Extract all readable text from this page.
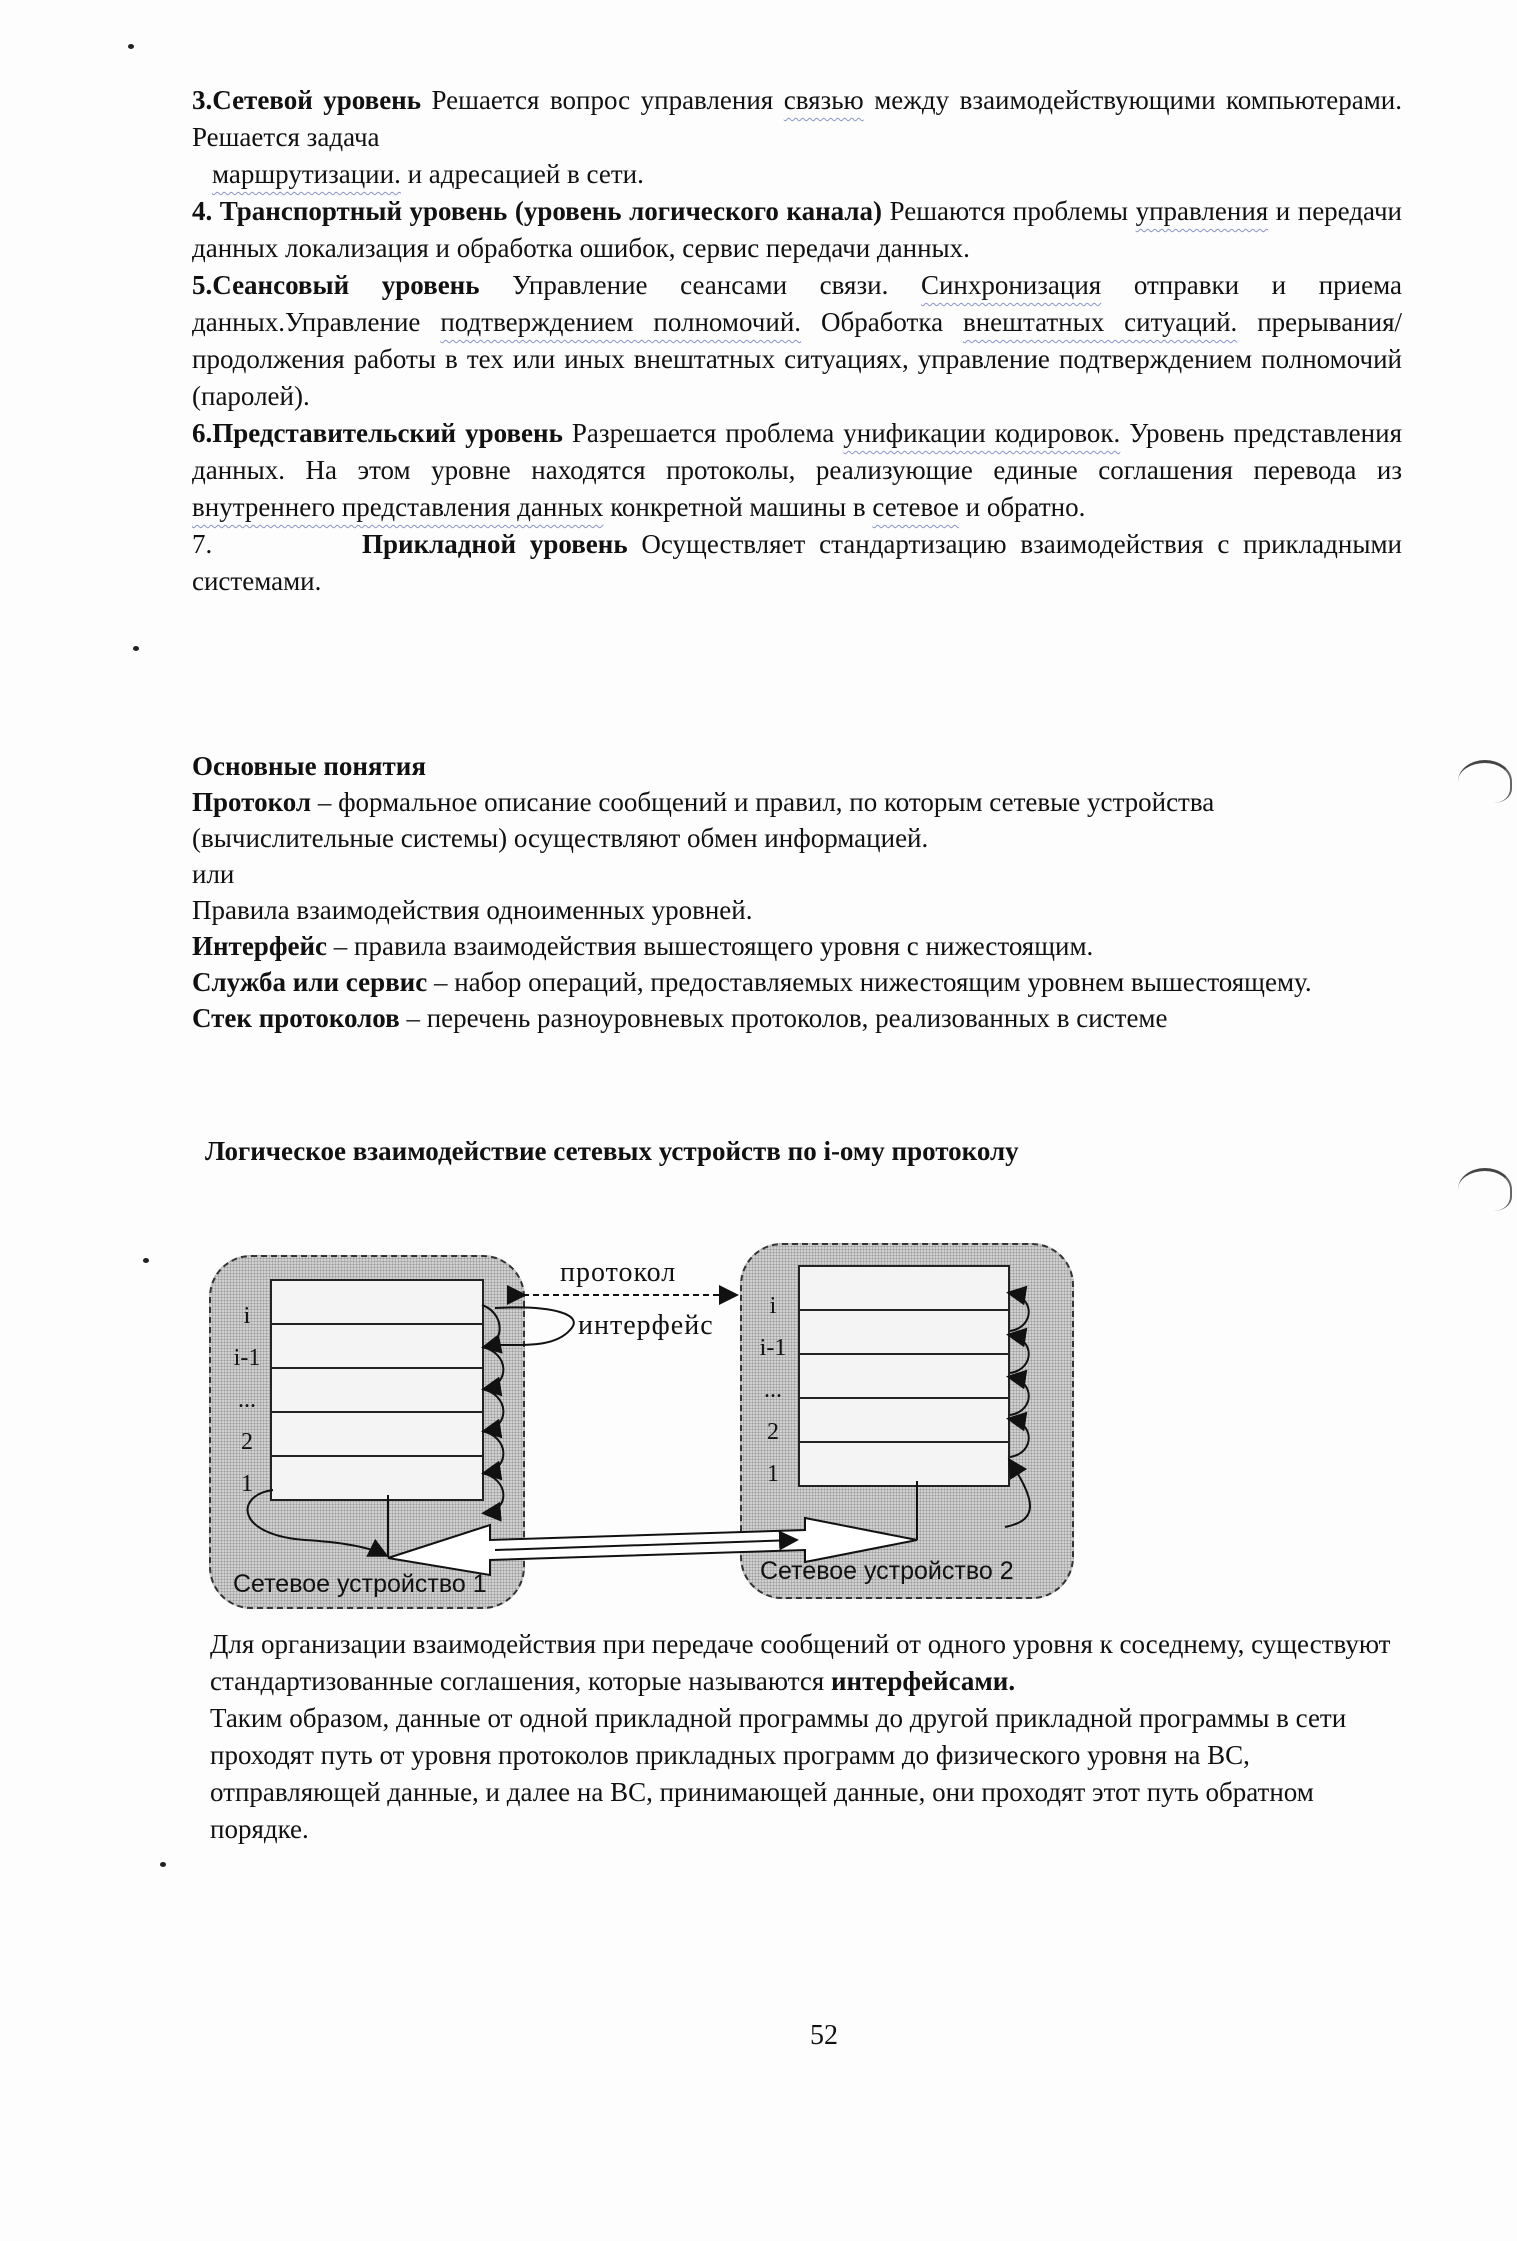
3.Сетевой уровень Решается вопрос управления связью между взаимодействующими компьютерами. Решается задача

маршрутизации. и адресацией в сети.

4. Транспортный уровень (уровень логического канала) Решаются проблемы управления и передачи данных локализация и обработка ошибок, сервис передачи данных.

5.Сеансовый уровень Управление сеансами связи. Синхронизация отправки и приема данных.Управление подтверждением полномочий. Обработка внештатных ситуаций. прерывания/продолжения работы в тех или иных внештатных ситуациях, управление подтверждением полномочий (паролей).

6.Представительский уровень Разрешается проблема унификации кодировок. Уровень представления данных. На этом уровне находятся протоколы, реализующие единые соглашения перевода из внутреннего представления данных конкретной машины в сетевое и обратно.

7.	Прикладной уровень Осуществляет стандартизацию взаимодействия с прикладными системами.

Основные понятия

Протокол – формальное описание сообщений и правил, по которым сетевые устройства (вычислительные системы) осуществляют обмен информацией.

или

Правила взаимодействия одноименных уровней.

Интерфейс – правила взаимодействия вышестоящего уровня с нижестоящим.

Служба или сервис – набор операций, предоставляемых нижестоящим уровнем вышестоящему.

Стек протоколов – перечень разноуровневых протоколов, реализованных в системе

Логическое взаимодействие сетевых устройств по i-ому протоколу
i
i-1
...
2
1
Сетевое устройство 1
i
i-1
...
2
1
Сетевое устройство 2
протокол
интерфейс

Для организации взаимодействия при передаче сообщений от одного уровня к соседнему, существуют стандартизованные соглашения, которые называются интерфейсами.

Таким образом, данные от одной прикладной программы до другой прикладной программы в сети проходят путь от уровня протоколов прикладных программ до физического уровня на ВС, отправляющей данные, и далее на ВС, принимающей данные, они проходят этот путь обратном порядке.

52
